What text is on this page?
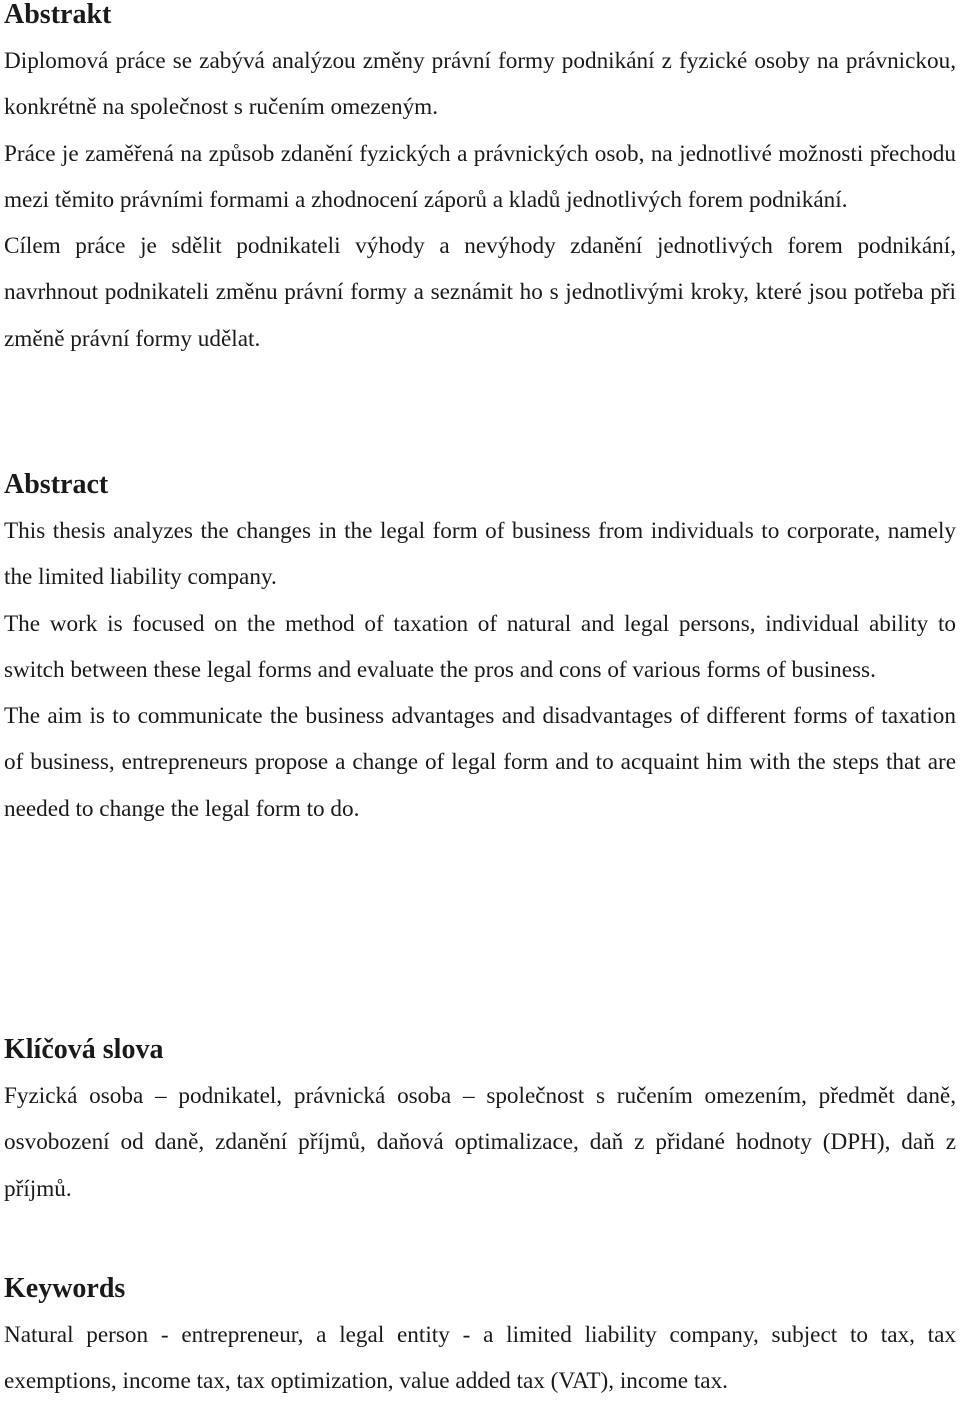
Abstrakt

Diplomová práce se zabývá analýzou změny právní formy podnikání z fyzické osoby na právnickou, konkrétně na společnost s ručením omezeným.

Práce je zaměřená na způsob zdanění fyzických a právnických osob, na jednotlivé možnosti přechodu mezi těmito právními formami a zhodnocení záporů a kladů jednotlivých forem podnikání.

Cílem práce je sdělit podnikateli výhody a nevýhody zdanění jednotlivých forem podnikání, navrhnout podnikateli změnu právní formy a seznámit ho s jednotlivými kroky, které jsou potřeba při změně právní formy udělat.

Abstract

This thesis analyzes the changes in the legal form of business from individuals to corporate, namely the limited liability company.

The work is focused on the method of taxation of natural and legal persons, individual ability to switch between these legal forms and evaluate the pros and cons of various forms of business.

The aim is to communicate the business advantages and disadvantages of different forms of taxation of business, entrepreneurs propose a change of legal form and to acquaint him with the steps that are needed to change the legal form to do.

Klíčová slova

Fyzická osoba – podnikatel, právnická osoba – společnost s ručením omezením, předmět daně, osvobození od daně, zdanění příjmů, daňová optimalizace, daň z přidané hodnoty (DPH), daň z příjmů.

Keywords

Natural person - entrepreneur, a legal entity - a limited liability company, subject to tax, tax exemptions, income tax, tax optimization, value added tax (VAT), income tax.
